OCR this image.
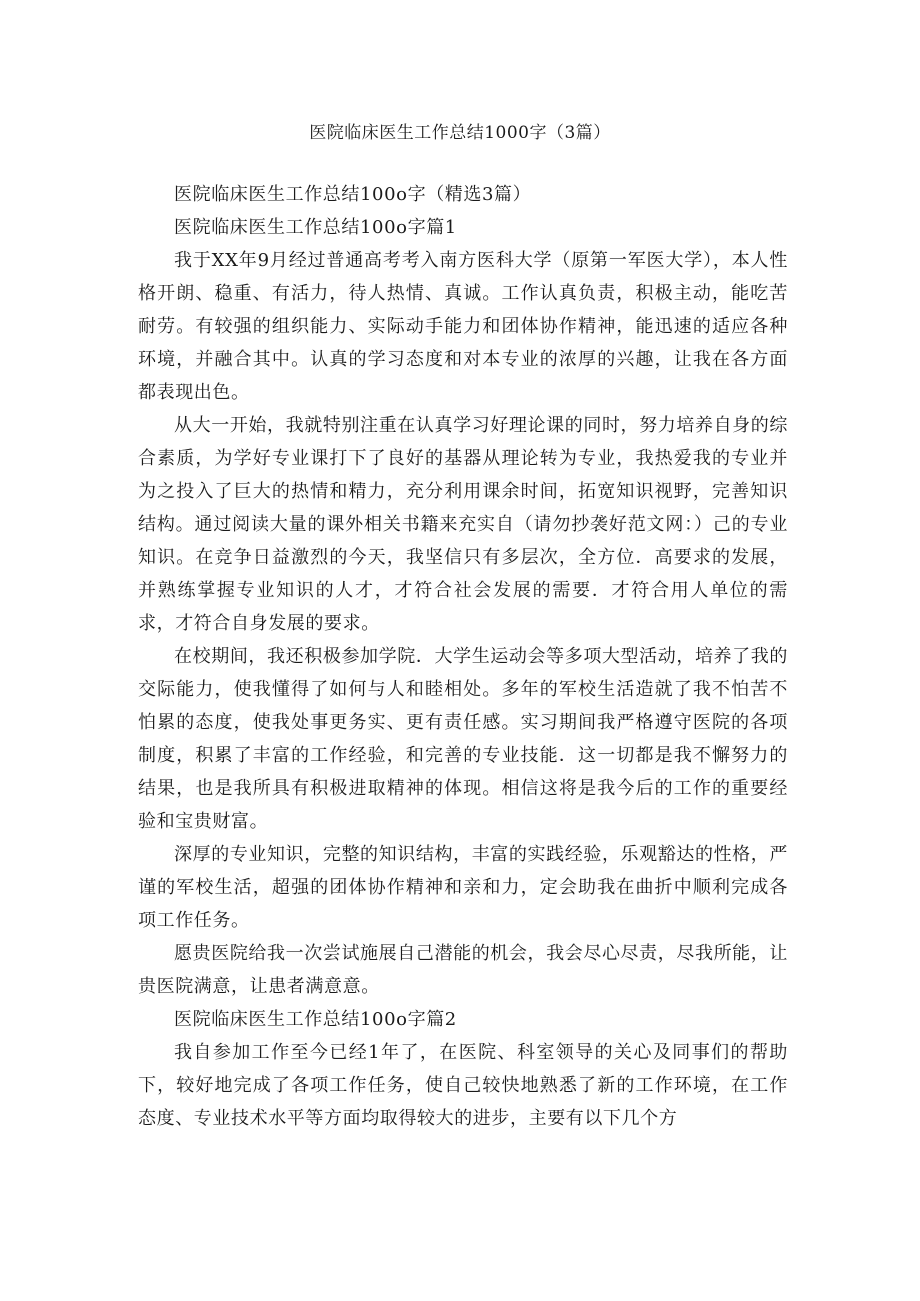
医院临床医生工作总结1000字（3篇）

医院临床医生工作总结100o字（精选3篇）

医院临床医生工作总结100o字篇1

我于XX年9月经过普通高考考入南方医科大学（原第一军医大学），本人性格开朗、稳重、有活力，待人热情、真诚。工作认真负责，积极主动，能吃苦耐劳。有较强的组织能力、实际动手能力和团体协作精神，能迅速的适应各种环境，并融合其中。认真的学习态度和对本专业的浓厚的兴趣，让我在各方面都表现出色。

从大一开始，我就特别注重在认真学习好理论课的同时，努力培养自身的综合素质，为学好专业课打下了良好的基器从理论转为专业，我热爱我的专业并为之投入了巨大的热情和精力，充分利用课余时间，拓宽知识视野，完善知识结构。通过阅读大量的课外相关书籍来充实自（请勿抄袭好范文网：）己的专业知识。在竞争日益激烈的今天，我坚信只有多层次，全方位．高要求的发展，并熟练掌握专业知识的人才，才符合社会发展的需要．才符合用人单位的需求，才符合自身发展的要求。

在校期间，我还积极参加学院．大学生运动会等多项大型活动，培养了我的交际能力，使我懂得了如何与人和睦相处。多年的军校生活造就了我不怕苦不怕累的态度，使我处事更务实、更有责任感。实习期间我严格遵守医院的各项制度，积累了丰富的工作经验，和完善的专业技能．这一切都是我不懈努力的结果，也是我所具有积极进取精神的体现。相信这将是我今后的工作的重要经验和宝贵财富。

深厚的专业知识，完整的知识结构，丰富的实践经验，乐观豁达的性格，严谨的军校生活，超强的团体协作精神和亲和力，定会助我在曲折中顺利完成各项工作任务。

愿贵医院给我一次尝试施展自己潜能的机会，我会尽心尽责，尽我所能，让贵医院满意，让患者满意意。

医院临床医生工作总结100o字篇2

我自参加工作至今已经1年了，在医院、科室领导的关心及同事们的帮助下，较好地完成了各项工作任务，使自己较快地熟悉了新的工作环境，在工作态度、专业技术水平等方面均取得较大的进步，主要有以下几个方
